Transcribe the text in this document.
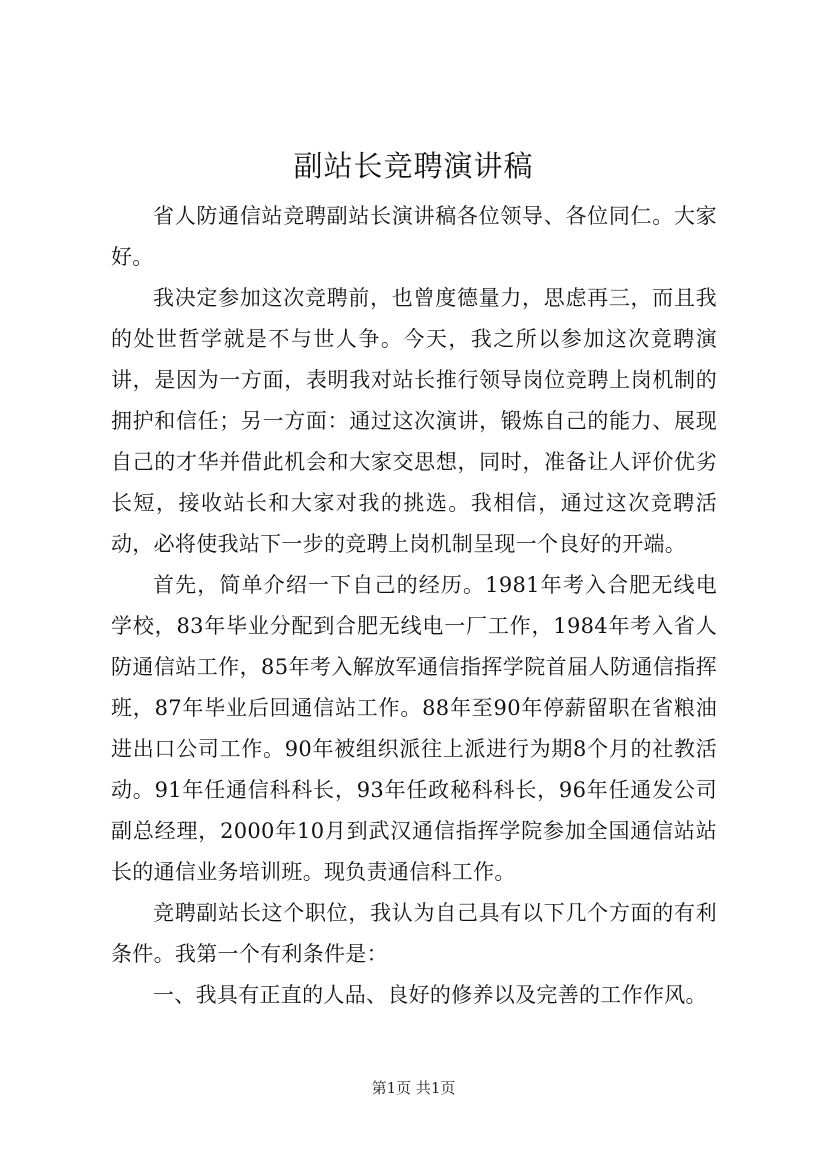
副站长竞聘演讲稿

省人防通信站竞聘副站长演讲稿各位领导、各位同仁。大家好。

我决定参加这次竞聘前，也曾度德量力，思虑再三，而且我的处世哲学就是不与世人争。今天，我之所以参加这次竟聘演讲，是因为一方面，表明我对站长推行领导岗位竞聘上岗机制的拥护和信任；另一方面：通过这次演讲，锻炼自己的能力、展现自己的才华并借此机会和大家交思想，同时，准备让人评价优劣长短，接收站长和大家对我的挑选。我相信，通过这次竞聘活动，必将使我站下一步的竞聘上岗机制呈现一个良好的开端。

首先，简单介绍一下自己的经历。1981年考入合肥无线电学校，83年毕业分配到合肥无线电一厂工作，1984年考入省人防通信站工作，85年考入解放军通信指挥学院首届人防通信指挥班，87年毕业后回通信站工作。88年至90年停薪留职在省粮油进出口公司工作。90年被组织派往上派进行为期8个月的社教活动。91年任通信科科长，93年任政秘科科长，96年任通发公司副总经理，2000年10月到武汉通信指挥学院参加全国通信站站长的通信业务培训班。现负责通信科工作。

竞聘副站长这个职位，我认为自己具有以下几个方面的有利条件。我第一个有利条件是：

一、我具有正直的人品、良好的修养以及完善的工作作风。

第1页 共1页
